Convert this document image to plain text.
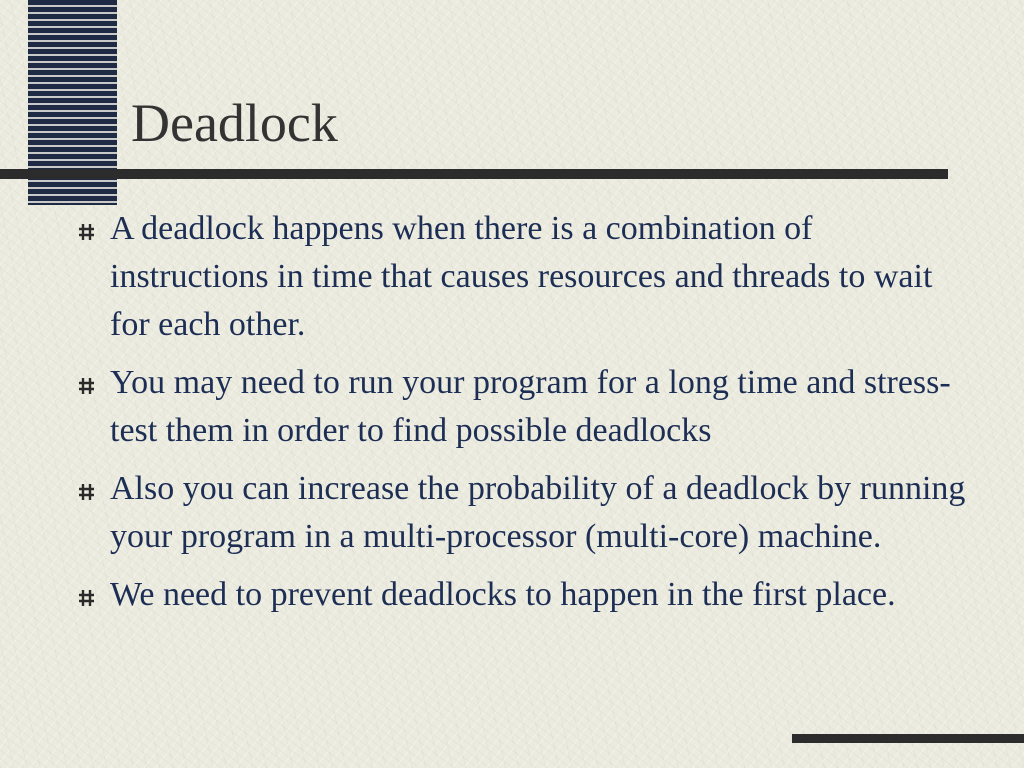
Deadlock
A deadlock happens when there is a combination of instructions in time that causes resources and threads to wait for each other.
You may need to run your program for a long time and stress-test them in order to find possible deadlocks
Also you can increase the probability of a deadlock by running your program in a multi-processor (multi-core) machine.
We need to prevent deadlocks to happen in the first place.
